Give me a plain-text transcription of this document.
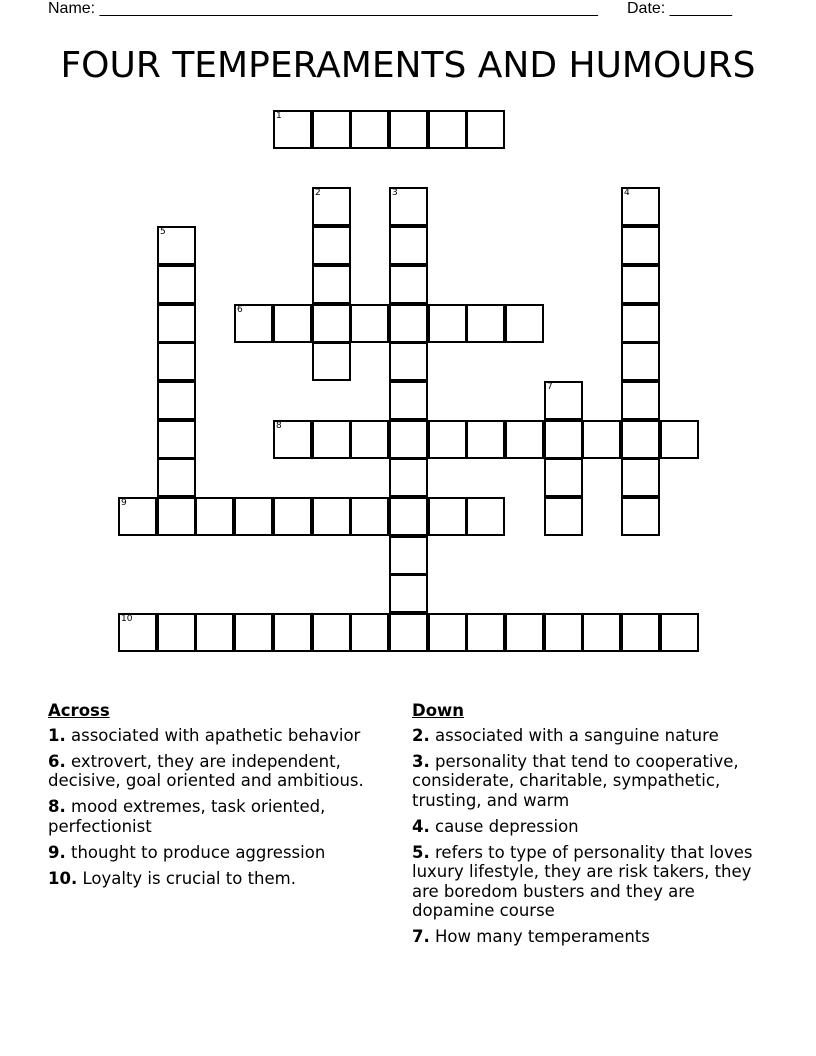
Name: ________________________________________________________ Date: _______
FOUR TEMPERAMENTS AND HUMOURS
1
2	3	4
5
6
7
8
9
10
Across
1. associated with apathetic behavior
6. extrovert, they are independent, decisive, goal oriented and ambitious.
8. mood extremes, task oriented, perfectionist
9. thought to produce aggression
10. Loyalty is crucial to them.
Down
2. associated with a sanguine nature
3. personality that tend to cooperative, considerate, charitable, sympathetic, trusting, and warm
4. cause depression
5. refers to type of personality that loves luxury lifestyle, they are risk takers, they are boredom busters and they are dopamine course
7. How many temperaments
